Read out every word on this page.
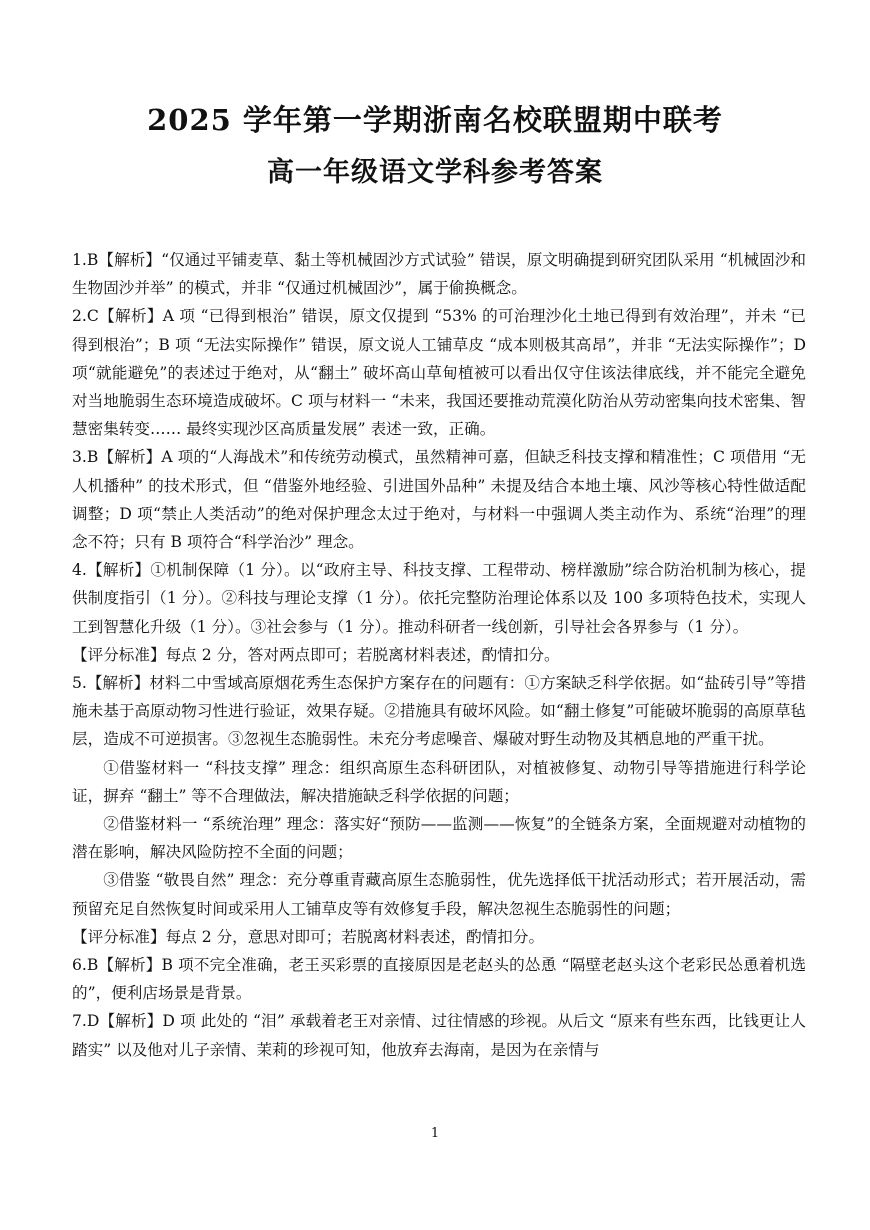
2025 学年第一学期浙南名校联盟期中联考
高一年级语文学科参考答案

1.B【解析】“仅通过平铺麦草、黏土等机械固沙方式试验” 错误，原文明确提到研究团队采用 “机械固沙和生物固沙并举” 的模式，并非 “仅通过机械固沙”，属于偷换概念。

2.C【解析】A 项 “已得到根治” 错误，原文仅提到 “53% 的可治理沙化土地已得到有效治理”，并未 “已得到根治”；B 项 “无法实际操作” 错误，原文说人工铺草皮 “成本则极其高昂”，并非 “无法实际操作”；D 项“就能避免”的表述过于绝对，从“翻土” 破坏高山草甸植被可以看出仅守住该法律底线，并不能完全避免对当地脆弱生态环境造成破坏。C 项与材料一 “未来，我国还要推动荒漠化防治从劳动密集向技术密集、智慧密集转变…… 最终实现沙区高质量发展” 表述一致，正确。

3.B【解析】A 项的“人海战术”和传统劳动模式，虽然精神可嘉，但缺乏科技支撑和精准性；C 项借用 “无人机播种” 的技术形式，但 “借鉴外地经验、引进国外品种” 未提及结合本地土壤、风沙等核心特性做适配调整；D 项“禁止人类活动”的绝对保护理念太过于绝对，与材料一中强调人类主动作为、系统“治理”的理念不符；只有 B 项符合“科学治沙” 理念。

4.【解析】①机制保障（1 分）。以“政府主导、科技支撑、工程带动、榜样激励”综合防治机制为核心，提供制度指引（1 分）。②科技与理论支撑（1 分）。依托完整防治理论体系以及 100 多项特色技术，实现人工到智慧化升级（1 分）。③社会参与（1 分）。推动科研者一线创新，引导社会各界参与（1 分）。

【评分标准】每点 2 分，答对两点即可；若脱离材料表述，酌情扣分。

5.【解析】材料二中雪域高原烟花秀生态保护方案存在的问题有：①方案缺乏科学依据。如“盐砖引导”等措施未基于高原动物习性进行验证，效果存疑。②措施具有破坏风险。如“翻土修复”可能破坏脆弱的高原草毡层，造成不可逆损害。③忽视生态脆弱性。未充分考虑噪音、爆破对野生动物及其栖息地的严重干扰。

①借鉴材料一 “科技支撑” 理念：组织高原生态科研团队，对植被修复、动物引导等措施进行科学论证，摒弃 “翻土” 等不合理做法，解决措施缺乏科学依据的问题；

②借鉴材料一 “系统治理” 理念：落实好“预防——监测——恢复”的全链条方案，全面规避对动植物的潜在影响，解决风险防控不全面的问题；

③借鉴 “敬畏自然” 理念：充分尊重青藏高原生态脆弱性，优先选择低干扰活动形式；若开展活动，需预留充足自然恢复时间或采用人工铺草皮等有效修复手段，解决忽视生态脆弱性的问题；

【评分标准】每点 2 分，意思对即可；若脱离材料表述，酌情扣分。

6.B【解析】B 项不完全准确，老王买彩票的直接原因是老赵头的怂恿 “隔壁老赵头这个老彩民怂恿着机选的”，便利店场景是背景。

7.D【解析】D 项 此处的 “泪” 承载着老王对亲情、过往情感的珍视。从后文 “原来有些东西，比钱更让人踏实” 以及他对儿子亲情、茉莉的珍视可知，他放弃去海南，是因为在亲情与

1
